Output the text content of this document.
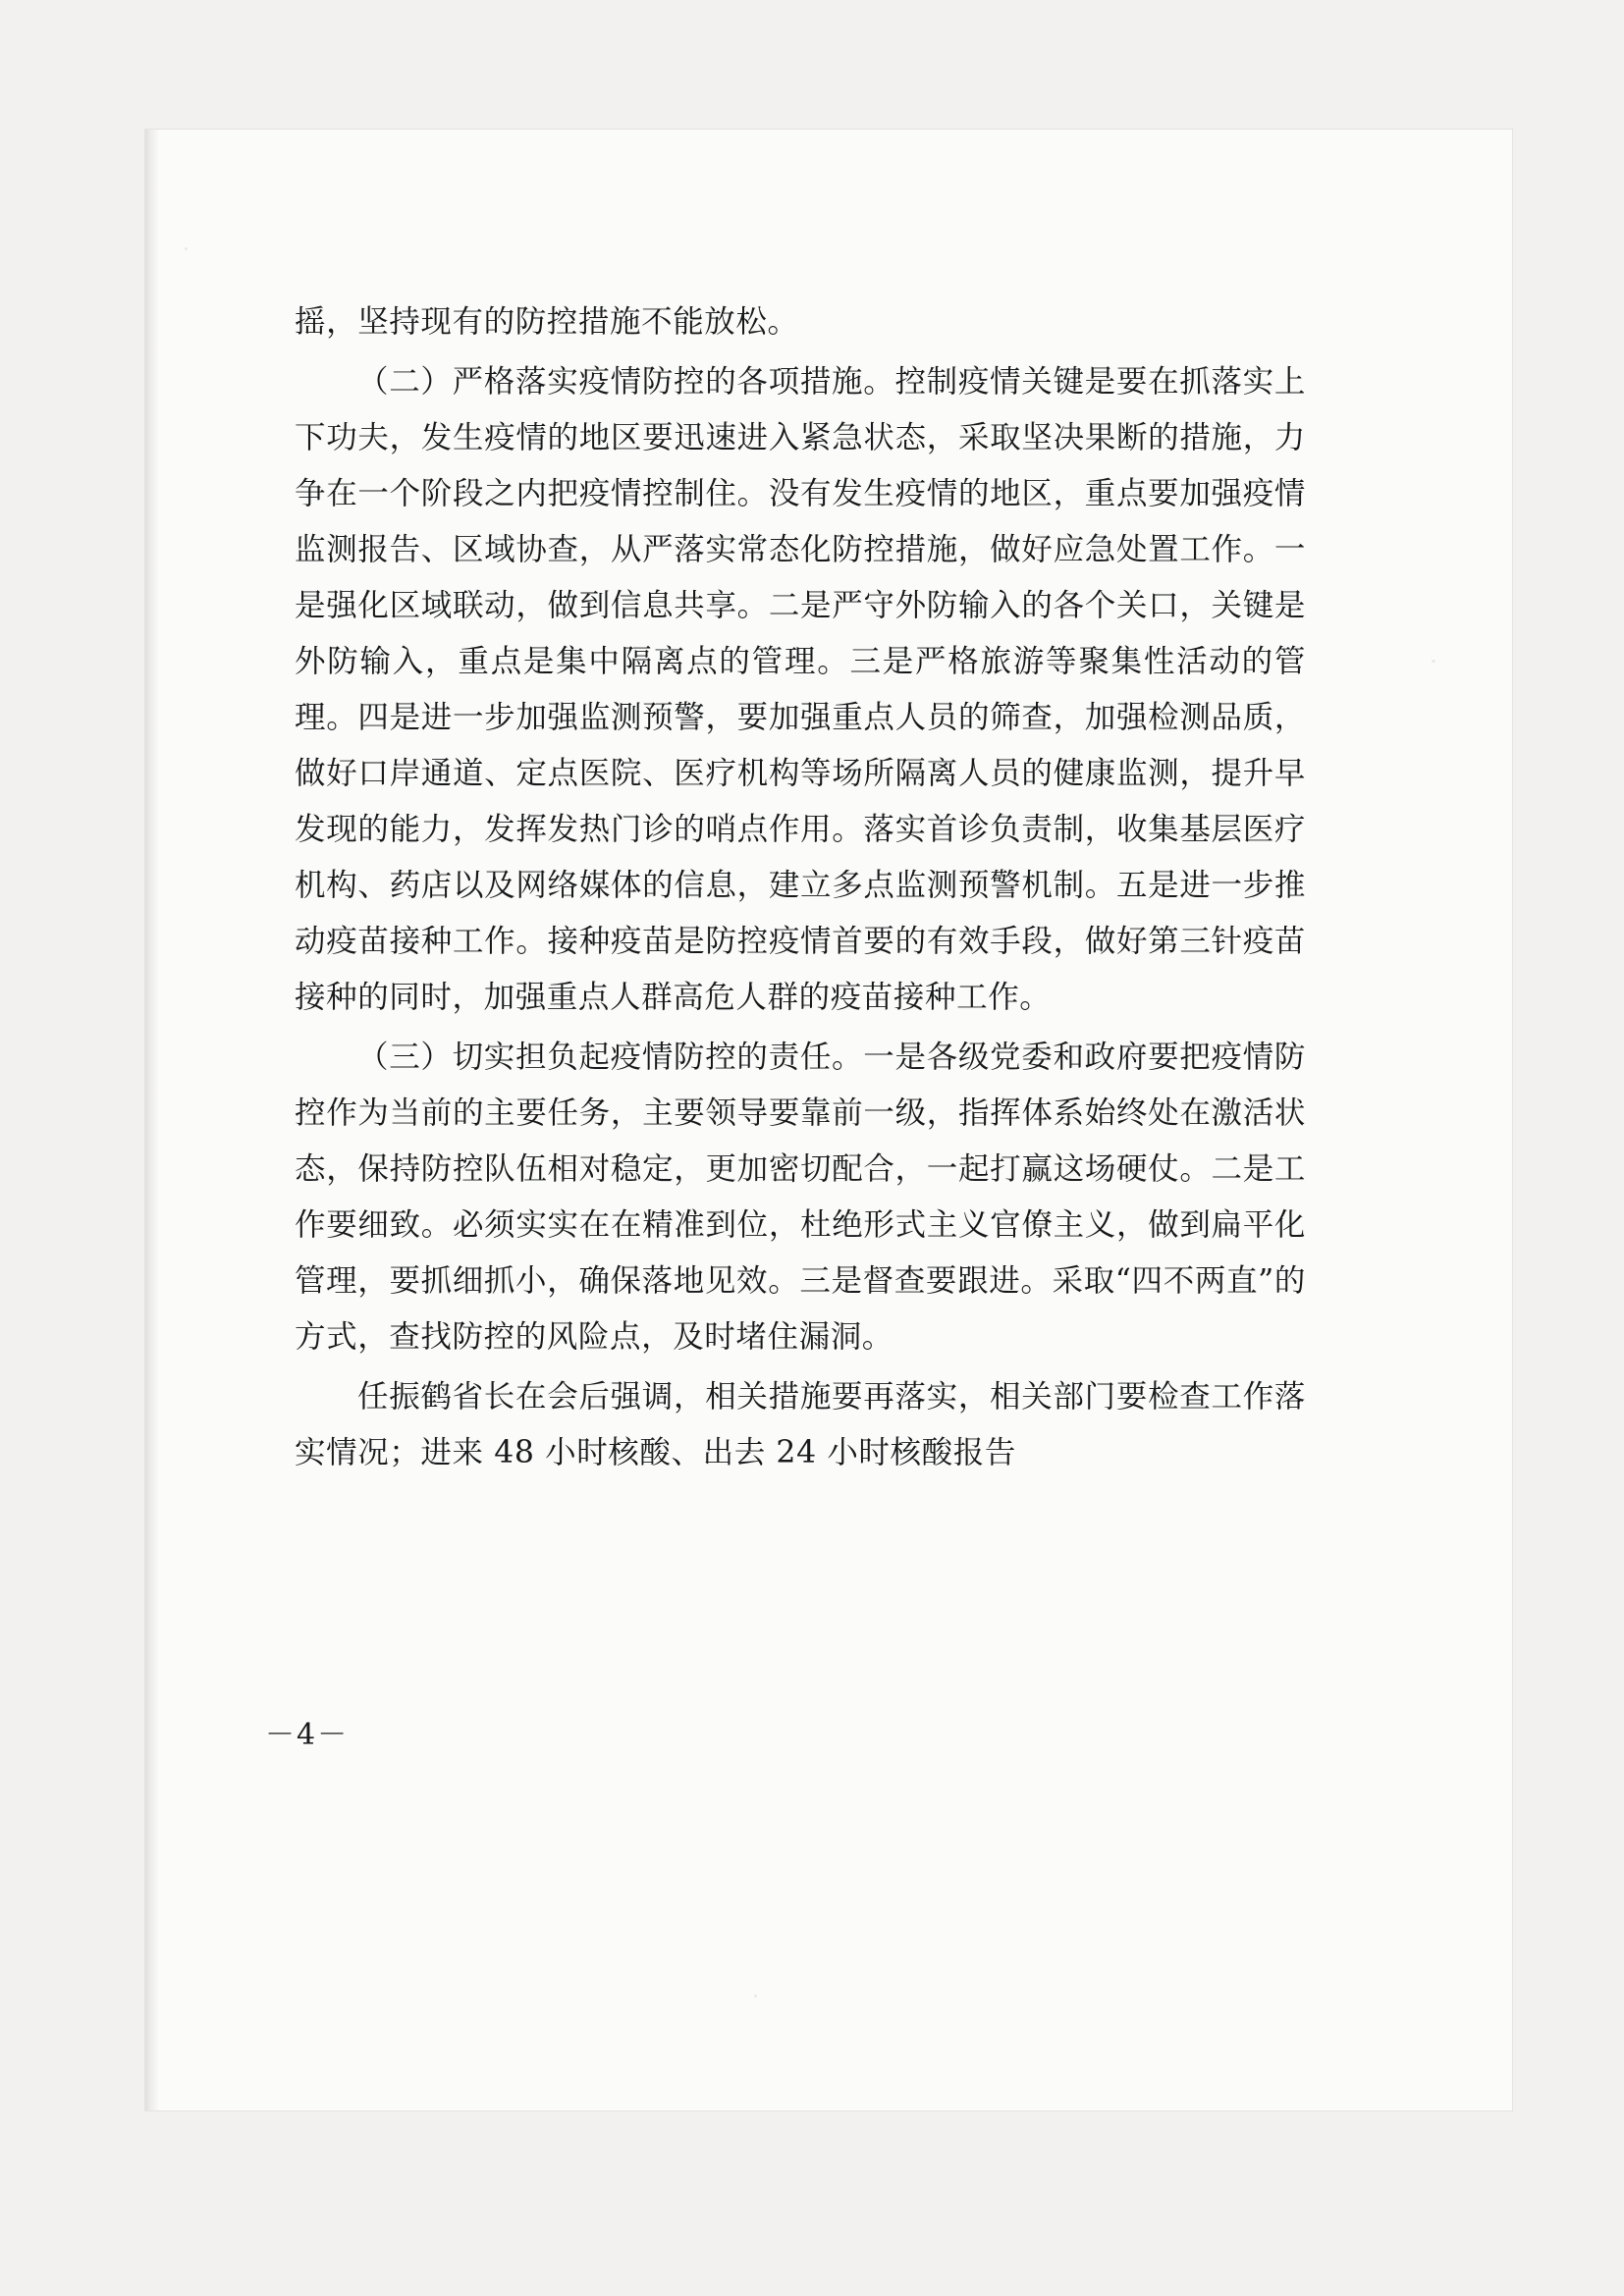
摇，坚持现有的防控措施不能放松。

（二）严格落实疫情防控的各项措施。控制疫情关键是要在抓落实上下功夫，发生疫情的地区要迅速进入紧急状态，采取坚决果断的措施，力争在一个阶段之内把疫情控制住。没有发生疫情的地区，重点要加强疫情监测报告、区域协查，从严落实常态化防控措施，做好应急处置工作。一是强化区域联动，做到信息共享。二是严守外防输入的各个关口，关键是外防输入，重点是集中隔离点的管理。三是严格旅游等聚集性活动的管理。四是进一步加强监测预警，要加强重点人员的筛查，加强检测品质，做好口岸通道、定点医院、医疗机构等场所隔离人员的健康监测，提升早发现的能力，发挥发热门诊的哨点作用。落实首诊负责制，收集基层医疗机构、药店以及网络媒体的信息，建立多点监测预警机制。五是进一步推动疫苗接种工作。接种疫苗是防控疫情首要的有效手段，做好第三针疫苗接种的同时，加强重点人群高危人群的疫苗接种工作。

（三）切实担负起疫情防控的责任。一是各级党委和政府要把疫情防控作为当前的主要任务，主要领导要靠前一级，指挥体系始终处在激活状态，保持防控队伍相对稳定，更加密切配合，一起打赢这场硬仗。二是工作要细致。必须实实在在精准到位，杜绝形式主义官僚主义，做到扁平化管理，要抓细抓小，确保落地见效。三是督查要跟进。采取“四不两直”的方式，查找防控的风险点，及时堵住漏洞。

任振鹤省长在会后强调，相关措施要再落实，相关部门要检查工作落实情况；进来 48 小时核酸、出去 24 小时核酸报告

－4－
